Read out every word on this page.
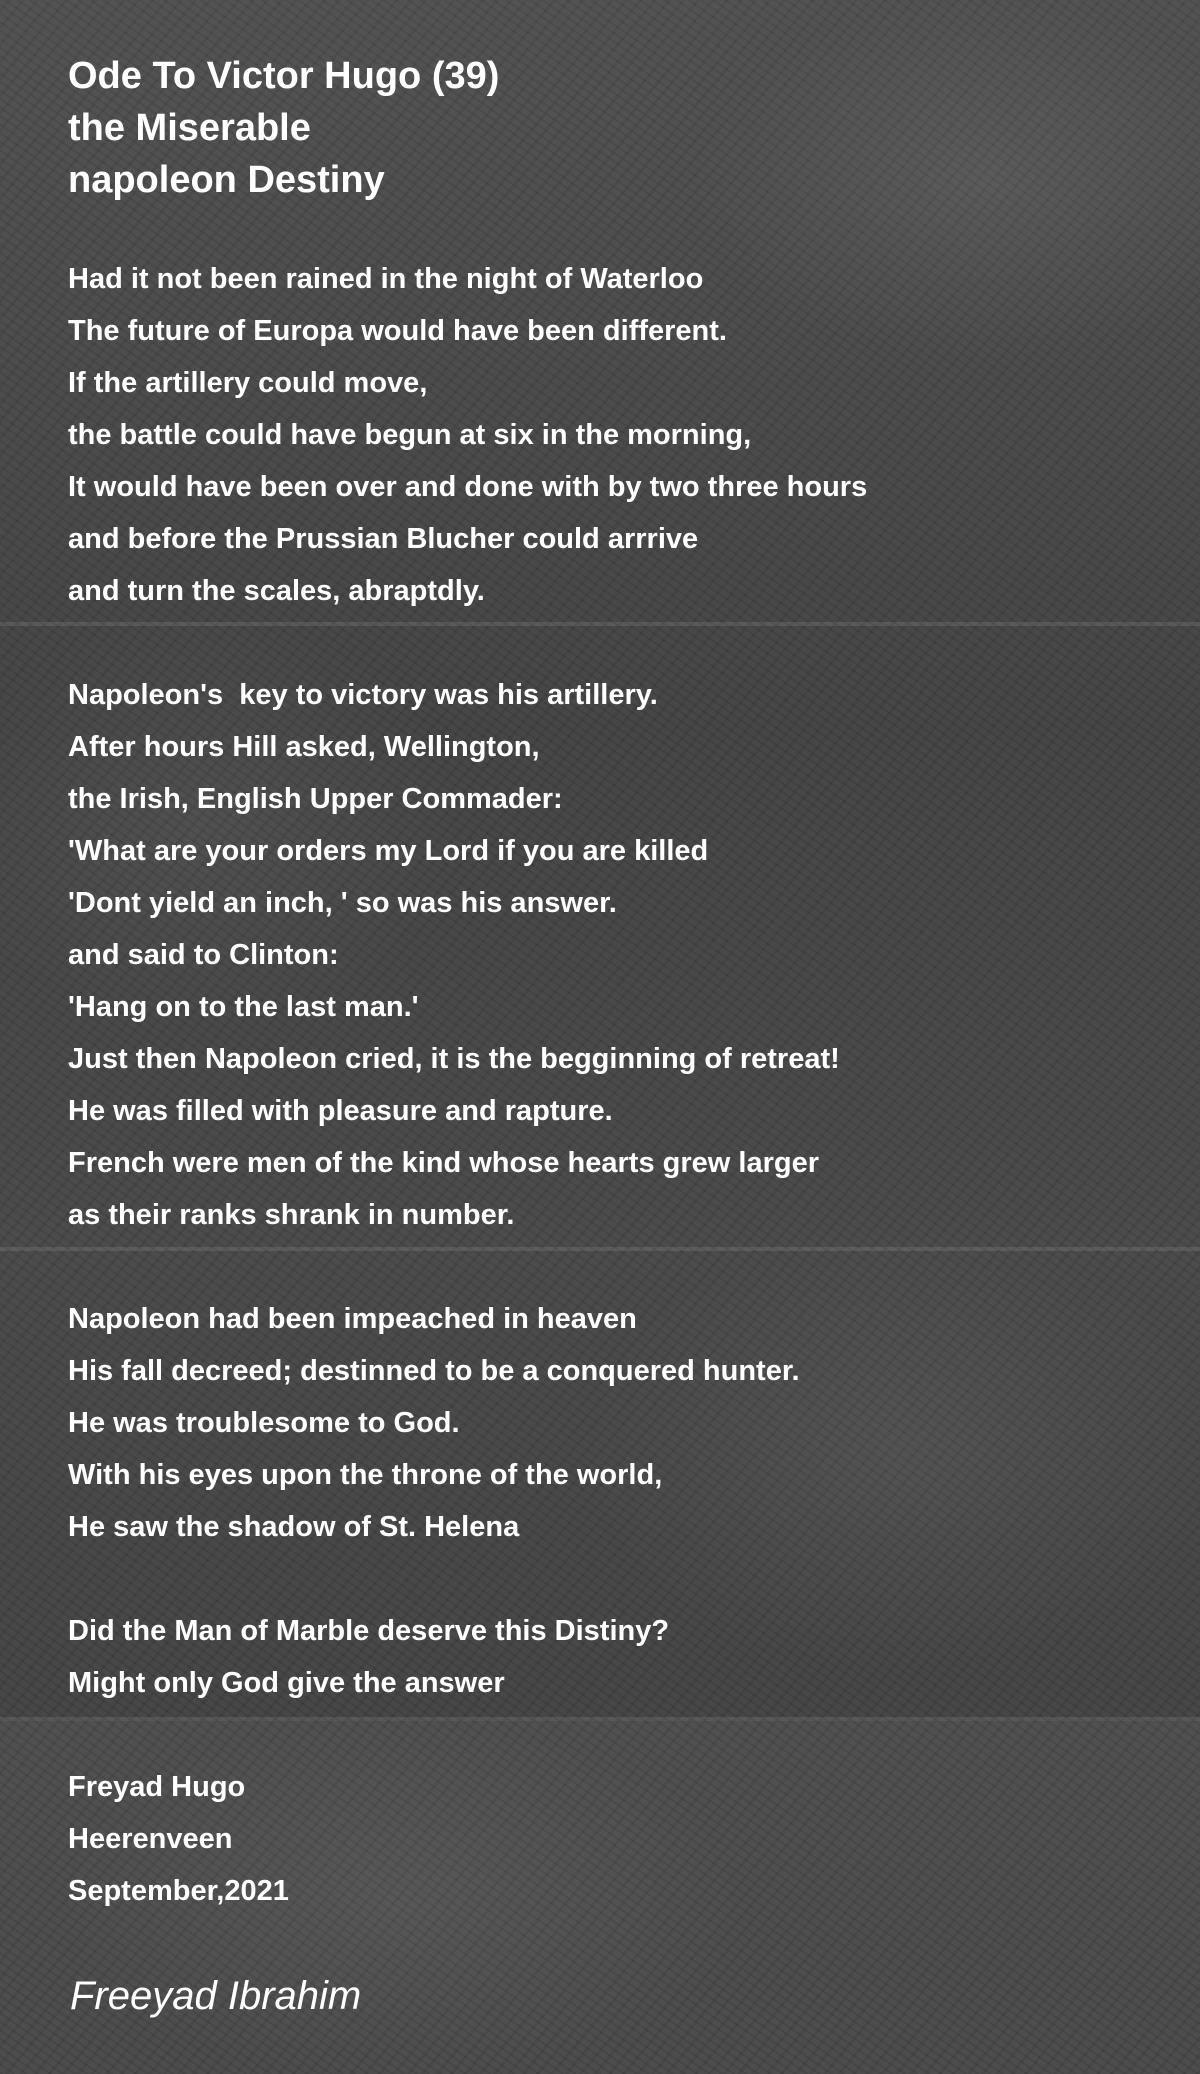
Ode To Victor Hugo (39)
the Miserable
napoleon Destiny
Had it not been rained in the night of Waterloo
The future of Europa would have been different.
If the artillery could move,
the battle could have begun at six in the morning,
It would have been over and done with by two three hours
and before the Prussian Blucher could arrrive
and turn the scales, abraptdly.
Napoleon's  key to victory was his artillery.
After hours Hill asked, Wellington,
the Irish, English Upper Commader:
'What are your orders my Lord if you are killed
'Dont yield an inch, ' so was his answer.
and said to Clinton:
'Hang on to the last man.'
Just then Napoleon cried, it is the begginning of retreat!
He was filled with pleasure and rapture.
French were men of the kind whose hearts grew larger
as their ranks shrank in number.
Napoleon had been impeached in heaven
His fall decreed; destinned to be a conquered hunter.
He was troublesome to God.
With his eyes upon the throne of the world,
He saw the shadow of St. Helena
Did the Man of Marble deserve this Distiny?
Might only God give the answer
Freyad Hugo
Heerenveen
September,2021

Freeyad Ibrahim
